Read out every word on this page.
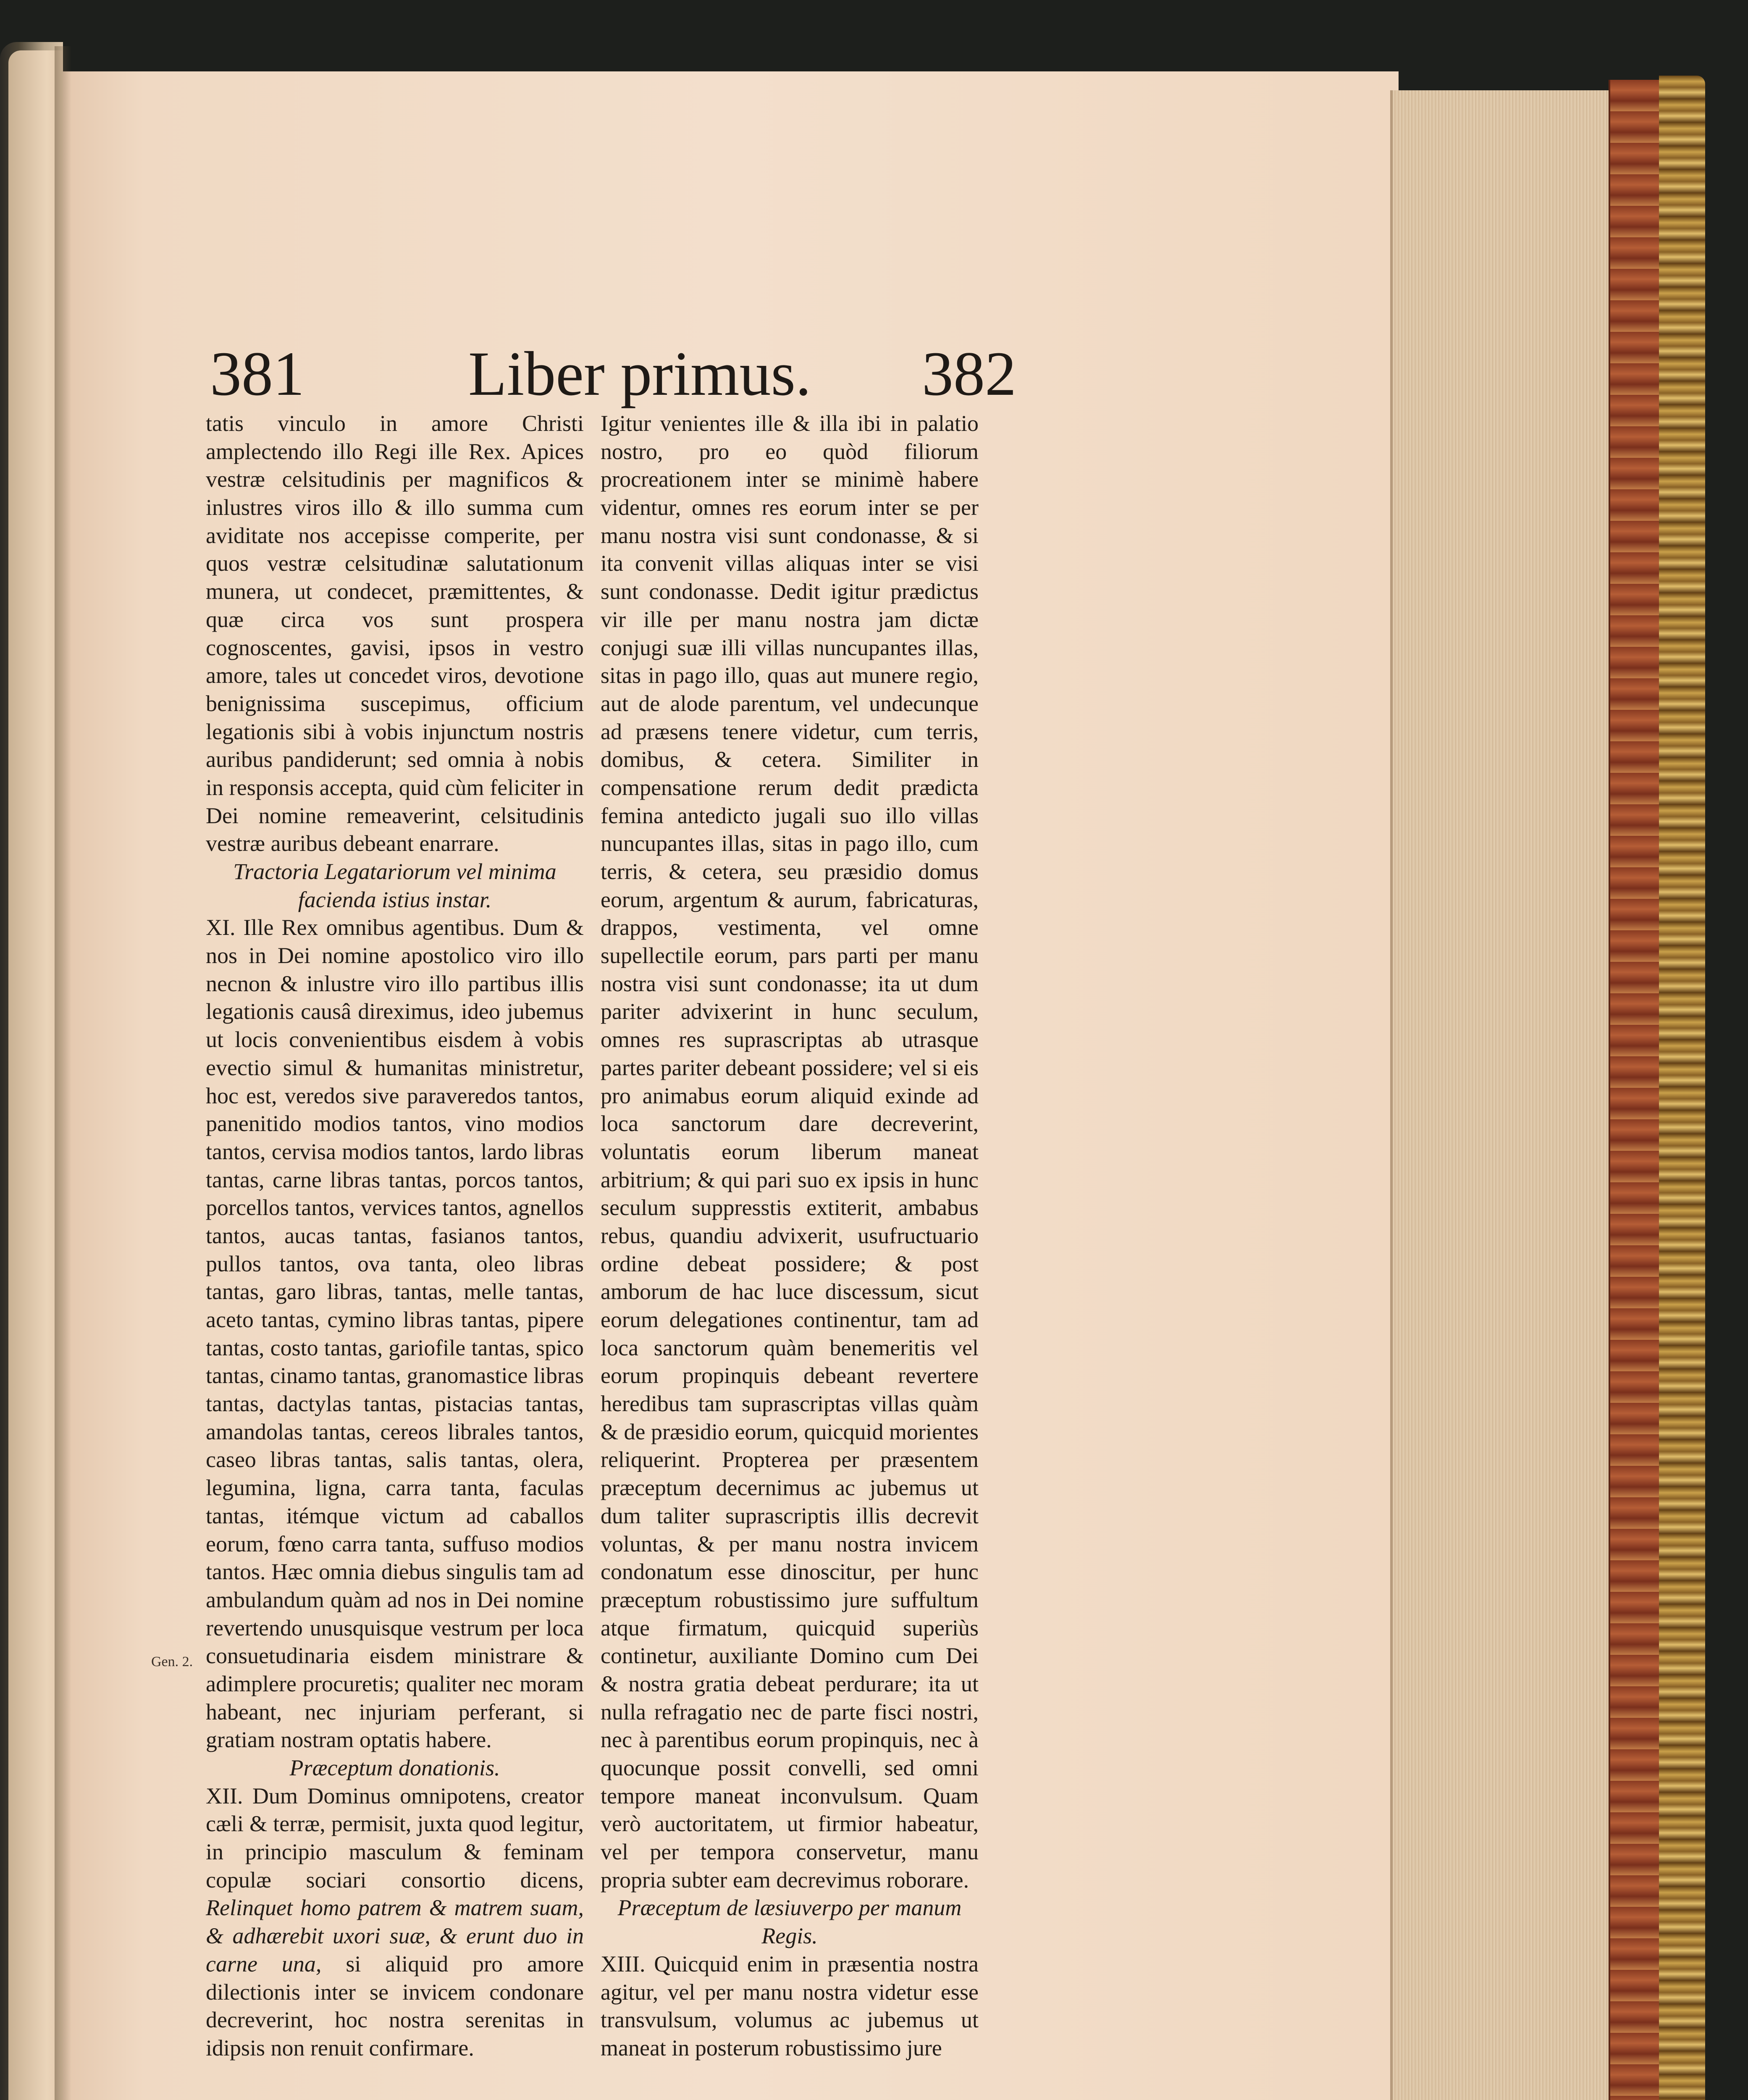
381	Liber primus. 382
Gen. 2.

tatis vinculo in amore Christi amplectendo illo Regi ille Rex. Apices vestræ celsitudinis per magnificos & inlustres viros illo & illo summa cum aviditate nos accepisse comperite, per quos vestræ celsitudinæ salutationum munera, ut condecet, præmittentes, & quæ circa vos sunt prospera cognoscentes, gavisi, ipsos in vestro amore, tales ut concedet viros, devotione benignissima suscepimus, officium legationis sibi à vobis injunctum nostris auribus pandiderunt; sed omnia à nobis in responsis accepta, quid cùm feliciter in Dei nomine remeaverint, celsitudinis vestræ auribus debeant enarrare.

Tractoria Legatariorum vel minima facienda istius instar.

XI. Ille Rex omnibus agentibus. Dum & nos in Dei nomine apostolico viro illo necnon & inlustre viro illo partibus illis legationis causâ direximus, ideo jubemus ut locis convenientibus eisdem à vobis evectio simul & humanitas ministretur, hoc est, veredos sive paraveredos tantos, panenitido modios tantos, vino modios tantos, cervisa modios tantos, lardo libras tantas, carne libras tantas, porcos tantos, porcellos tantos, vervices tantos, agnellos tantos, aucas tantas, fasianos tantos, pullos tantos, ova tanta, oleo libras tantas, garo libras, tantas, melle tantas, aceto tantas, cymino libras tantas, pipere tantas, costo tantas, gariofile tantas, spico tantas, cinamo tantas, granomastice libras tantas, dactylas tantas, pistacias tantas, amandolas tantas, cereos librales tantos, caseo libras tantas, salis tantas, olera, legumina, ligna, carra tanta, faculas tantas, itémque victum ad caballos eorum, fœno carra tanta, suffuso modios tantos. Hæc omnia diebus singulis tam ad ambulandum quàm ad nos in Dei nomine revertendo unusquisque vestrum per loca consuetudinaria eisdem ministrare & adimplere procuretis; qualiter nec moram habeant, nec injuriam perferant, si gratiam nostram optatis habere.

Præceptum donationis.

XII. Dum Dominus omnipotens, creator cæli & terræ, permisit, juxta quod legitur, in principio masculum & feminam copulæ sociari consortio dicens, Relinquet homo patrem & matrem suam, & adhærebit uxori suæ, & erunt duo in carne una, si aliquid pro amore dilectionis inter se invicem condonare decreverint, hoc nostra serenitas in idipsis non renuit confirmare.

Igitur venientes ille & illa ibi in palatio nostro, pro eo quòd filiorum procreationem inter se minimè habere videntur, omnes res eorum inter se per manu nostra visi sunt condonasse, & si ita convenit villas aliquas inter se visi sunt condonasse. Dedit igitur prædictus vir ille per manu nostra jam dictæ conjugi suæ illi villas nuncupantes illas, sitas in pago illo, quas aut munere regio, aut de alode parentum, vel undecunque ad præsens tenere videtur, cum terris, domibus, & cetera. Similiter in compensatione rerum dedit prædicta femina antedicto jugali suo illo villas nuncupantes illas, sitas in pago illo, cum terris, & cetera, seu præsidio domus eorum, argentum & aurum, fabricaturas, drappos, vestimenta, vel omne supellectile eorum, pars parti per manu nostra visi sunt condonasse; ita ut dum pariter advixerint in hunc seculum, omnes res suprascriptas ab utrasque partes pariter debeant possidere; vel si eis pro animabus eorum aliquid exinde ad loca sanctorum dare decreverint, voluntatis eorum liberum maneat arbitrium; & qui pari suo ex ipsis in hunc seculum suppresstis extiterit, ambabus rebus, quandiu advixerit, usufructuario ordine debeat possidere; & post amborum de hac luce discessum, sicut eorum delegationes continentur, tam ad loca sanctorum quàm benemeritis vel eorum propinquis debeant revertere heredibus tam suprascriptas villas quàm & de præsidio eorum, quicquid morientes reliquerint. Propterea per præsentem præceptum decernimus ac jubemus ut dum taliter suprascriptis illis decrevit voluntas, & per manu nostra invicem condonatum esse dinoscitur, per hunc præceptum robustissimo jure suffultum atque firmatum, quicquid superiùs continetur, auxiliante Domino cum Dei & nostra gratia debeat perdurare; ita ut nulla refragatio nec de parte fisci nostri, nec à parentibus eorum propinquis, nec à quocunque possit convelli, sed omni tempore maneat inconvulsum. Quam verò auctoritatem, ut firmior habeatur, vel per tempora conservetur, manu propria subter eam decrevimus roborare.

Præceptum de læsiuverpo per manum Regis.

XIII. Quicquid enim in præsentia nostra agitur, vel per manu nostra videtur esse transvulsum, volumus ac jubemus ut maneat in posterum robustissimo jure
